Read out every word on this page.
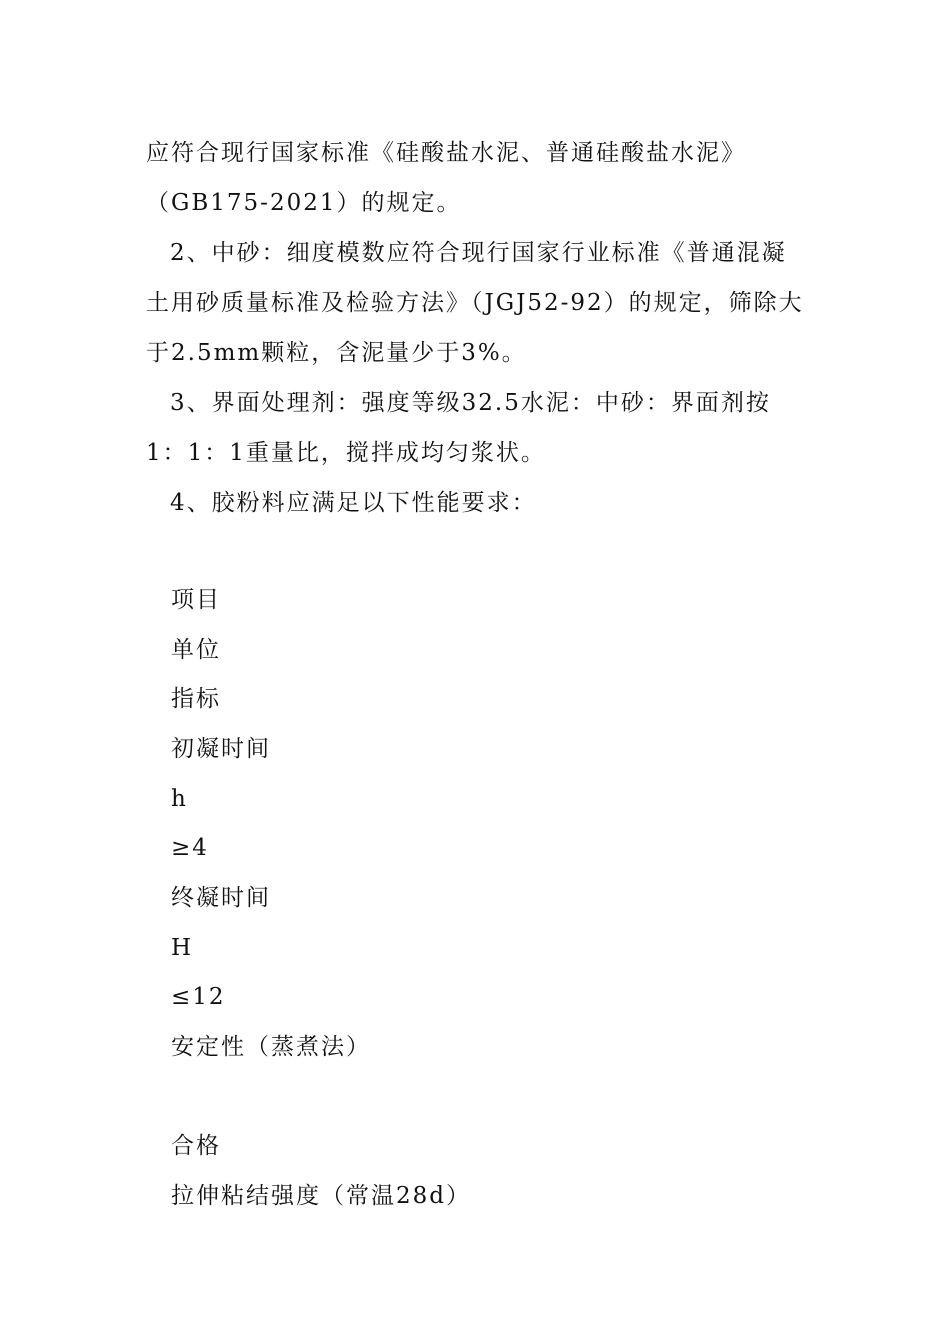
应符合现行国家标准《硅酸盐水泥、普通硅酸盐水泥》（GB175-2021）的规定。

2、中砂：细度模数应符合现行国家行业标准《普通混凝土用砂质量标准及检验方法》（JGJ52-92）的规定，筛除大于2.5mm颗粒，含泥量少于3%。

3、界面处理剂：强度等级32.5水泥：中砂：界面剂按1：1：1重量比，搅拌成均匀浆状。

4、胶粉料应满足以下性能要求：

项目

单位

指标

初凝时间

h

≥4

终凝时间

H

≤12

安定性（蒸煮法）

合格

拉伸粘结强度（常温28d）
